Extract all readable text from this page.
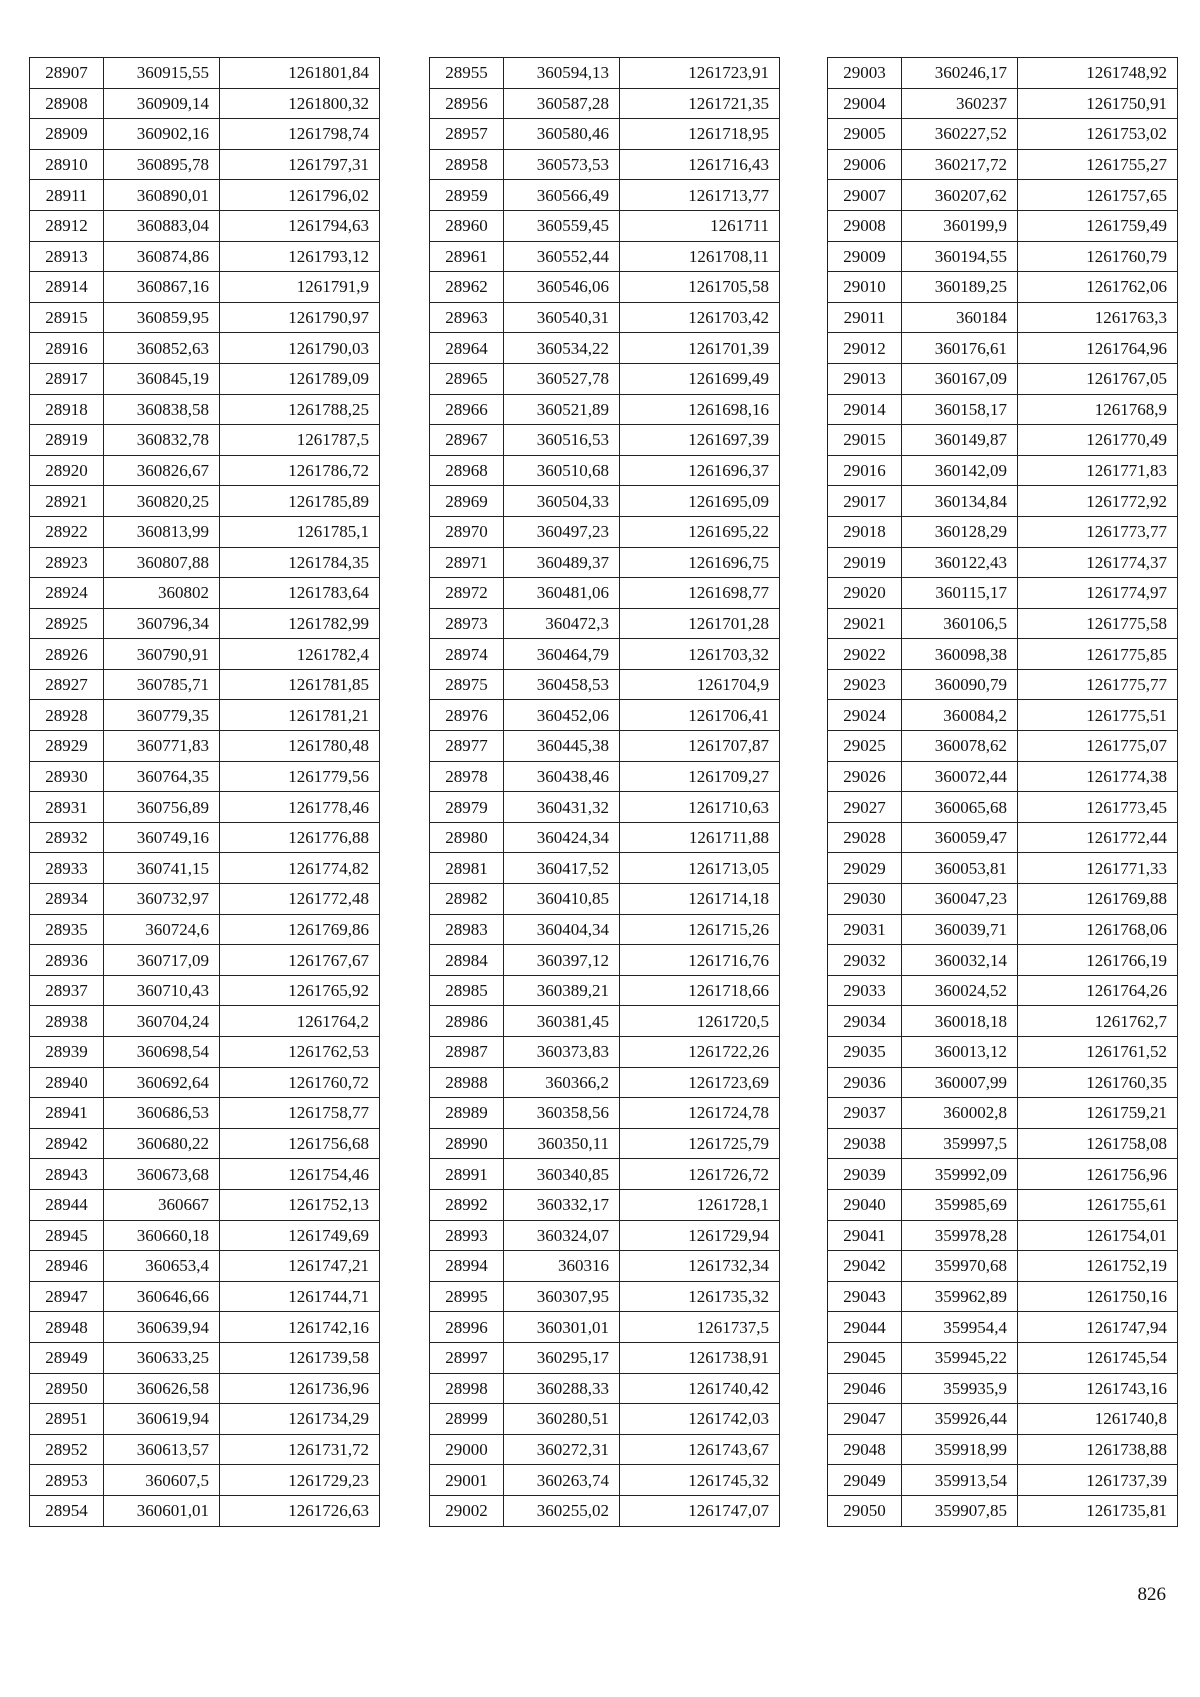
28907	360915,55	1261801,84
28908	360909,14	1261800,32
28909	360902,16	1261798,74
28910	360895,78	1261797,31
28911	360890,01	1261796,02
28912	360883,04	1261794,63
28913	360874,86	1261793,12
28914	360867,16	1261791,9
28915	360859,95	1261790,97
28916	360852,63	1261790,03
28917	360845,19	1261789,09
28918	360838,58	1261788,25
28919	360832,78	1261787,5
28920	360826,67	1261786,72
28921	360820,25	1261785,89
28922	360813,99	1261785,1
28923	360807,88	1261784,35
28924	360802	1261783,64
28925	360796,34	1261782,99
28926	360790,91	1261782,4
28927	360785,71	1261781,85
28928	360779,35	1261781,21
28929	360771,83	1261780,48
28930	360764,35	1261779,56
28931	360756,89	1261778,46
28932	360749,16	1261776,88
28933	360741,15	1261774,82
28934	360732,97	1261772,48
28935	360724,6	1261769,86
28936	360717,09	1261767,67
28937	360710,43	1261765,92
28938	360704,24	1261764,2
28939	360698,54	1261762,53
28940	360692,64	1261760,72
28941	360686,53	1261758,77
28942	360680,22	1261756,68
28943	360673,68	1261754,46
28944	360667	1261752,13
28945	360660,18	1261749,69
28946	360653,4	1261747,21
28947	360646,66	1261744,71
28948	360639,94	1261742,16
28949	360633,25	1261739,58
28950	360626,58	1261736,96
28951	360619,94	1261734,29
28952	360613,57	1261731,72
28953	360607,5	1261729,23
28954	360601,01	1261726,63
28955	360594,13	1261723,91
28956	360587,28	1261721,35
28957	360580,46	1261718,95
28958	360573,53	1261716,43
28959	360566,49	1261713,77
28960	360559,45	1261711
28961	360552,44	1261708,11
28962	360546,06	1261705,58
28963	360540,31	1261703,42
28964	360534,22	1261701,39
28965	360527,78	1261699,49
28966	360521,89	1261698,16
28967	360516,53	1261697,39
28968	360510,68	1261696,37
28969	360504,33	1261695,09
28970	360497,23	1261695,22
28971	360489,37	1261696,75
28972	360481,06	1261698,77
28973	360472,3	1261701,28
28974	360464,79	1261703,32
28975	360458,53	1261704,9
28976	360452,06	1261706,41
28977	360445,38	1261707,87
28978	360438,46	1261709,27
28979	360431,32	1261710,63
28980	360424,34	1261711,88
28981	360417,52	1261713,05
28982	360410,85	1261714,18
28983	360404,34	1261715,26
28984	360397,12	1261716,76
28985	360389,21	1261718,66
28986	360381,45	1261720,5
28987	360373,83	1261722,26
28988	360366,2	1261723,69
28989	360358,56	1261724,78
28990	360350,11	1261725,79
28991	360340,85	1261726,72
28992	360332,17	1261728,1
28993	360324,07	1261729,94
28994	360316	1261732,34
28995	360307,95	1261735,32
28996	360301,01	1261737,5
28997	360295,17	1261738,91
28998	360288,33	1261740,42
28999	360280,51	1261742,03
29000	360272,31	1261743,67
29001	360263,74	1261745,32
29002	360255,02	1261747,07
29003	360246,17	1261748,92
29004	360237	1261750,91
29005	360227,52	1261753,02
29006	360217,72	1261755,27
29007	360207,62	1261757,65
29008	360199,9	1261759,49
29009	360194,55	1261760,79
29010	360189,25	1261762,06
29011	360184	1261763,3
29012	360176,61	1261764,96
29013	360167,09	1261767,05
29014	360158,17	1261768,9
29015	360149,87	1261770,49
29016	360142,09	1261771,83
29017	360134,84	1261772,92
29018	360128,29	1261773,77
29019	360122,43	1261774,37
29020	360115,17	1261774,97
29021	360106,5	1261775,58
29022	360098,38	1261775,85
29023	360090,79	1261775,77
29024	360084,2	1261775,51
29025	360078,62	1261775,07
29026	360072,44	1261774,38
29027	360065,68	1261773,45
29028	360059,47	1261772,44
29029	360053,81	1261771,33
29030	360047,23	1261769,88
29031	360039,71	1261768,06
29032	360032,14	1261766,19
29033	360024,52	1261764,26
29034	360018,18	1261762,7
29035	360013,12	1261761,52
29036	360007,99	1261760,35
29037	360002,8	1261759,21
29038	359997,5	1261758,08
29039	359992,09	1261756,96
29040	359985,69	1261755,61
29041	359978,28	1261754,01
29042	359970,68	1261752,19
29043	359962,89	1261750,16
29044	359954,4	1261747,94
29045	359945,22	1261745,54
29046	359935,9	1261743,16
29047	359926,44	1261740,8
29048	359918,99	1261738,88
29049	359913,54	1261737,39
29050	359907,85	1261735,81
826
